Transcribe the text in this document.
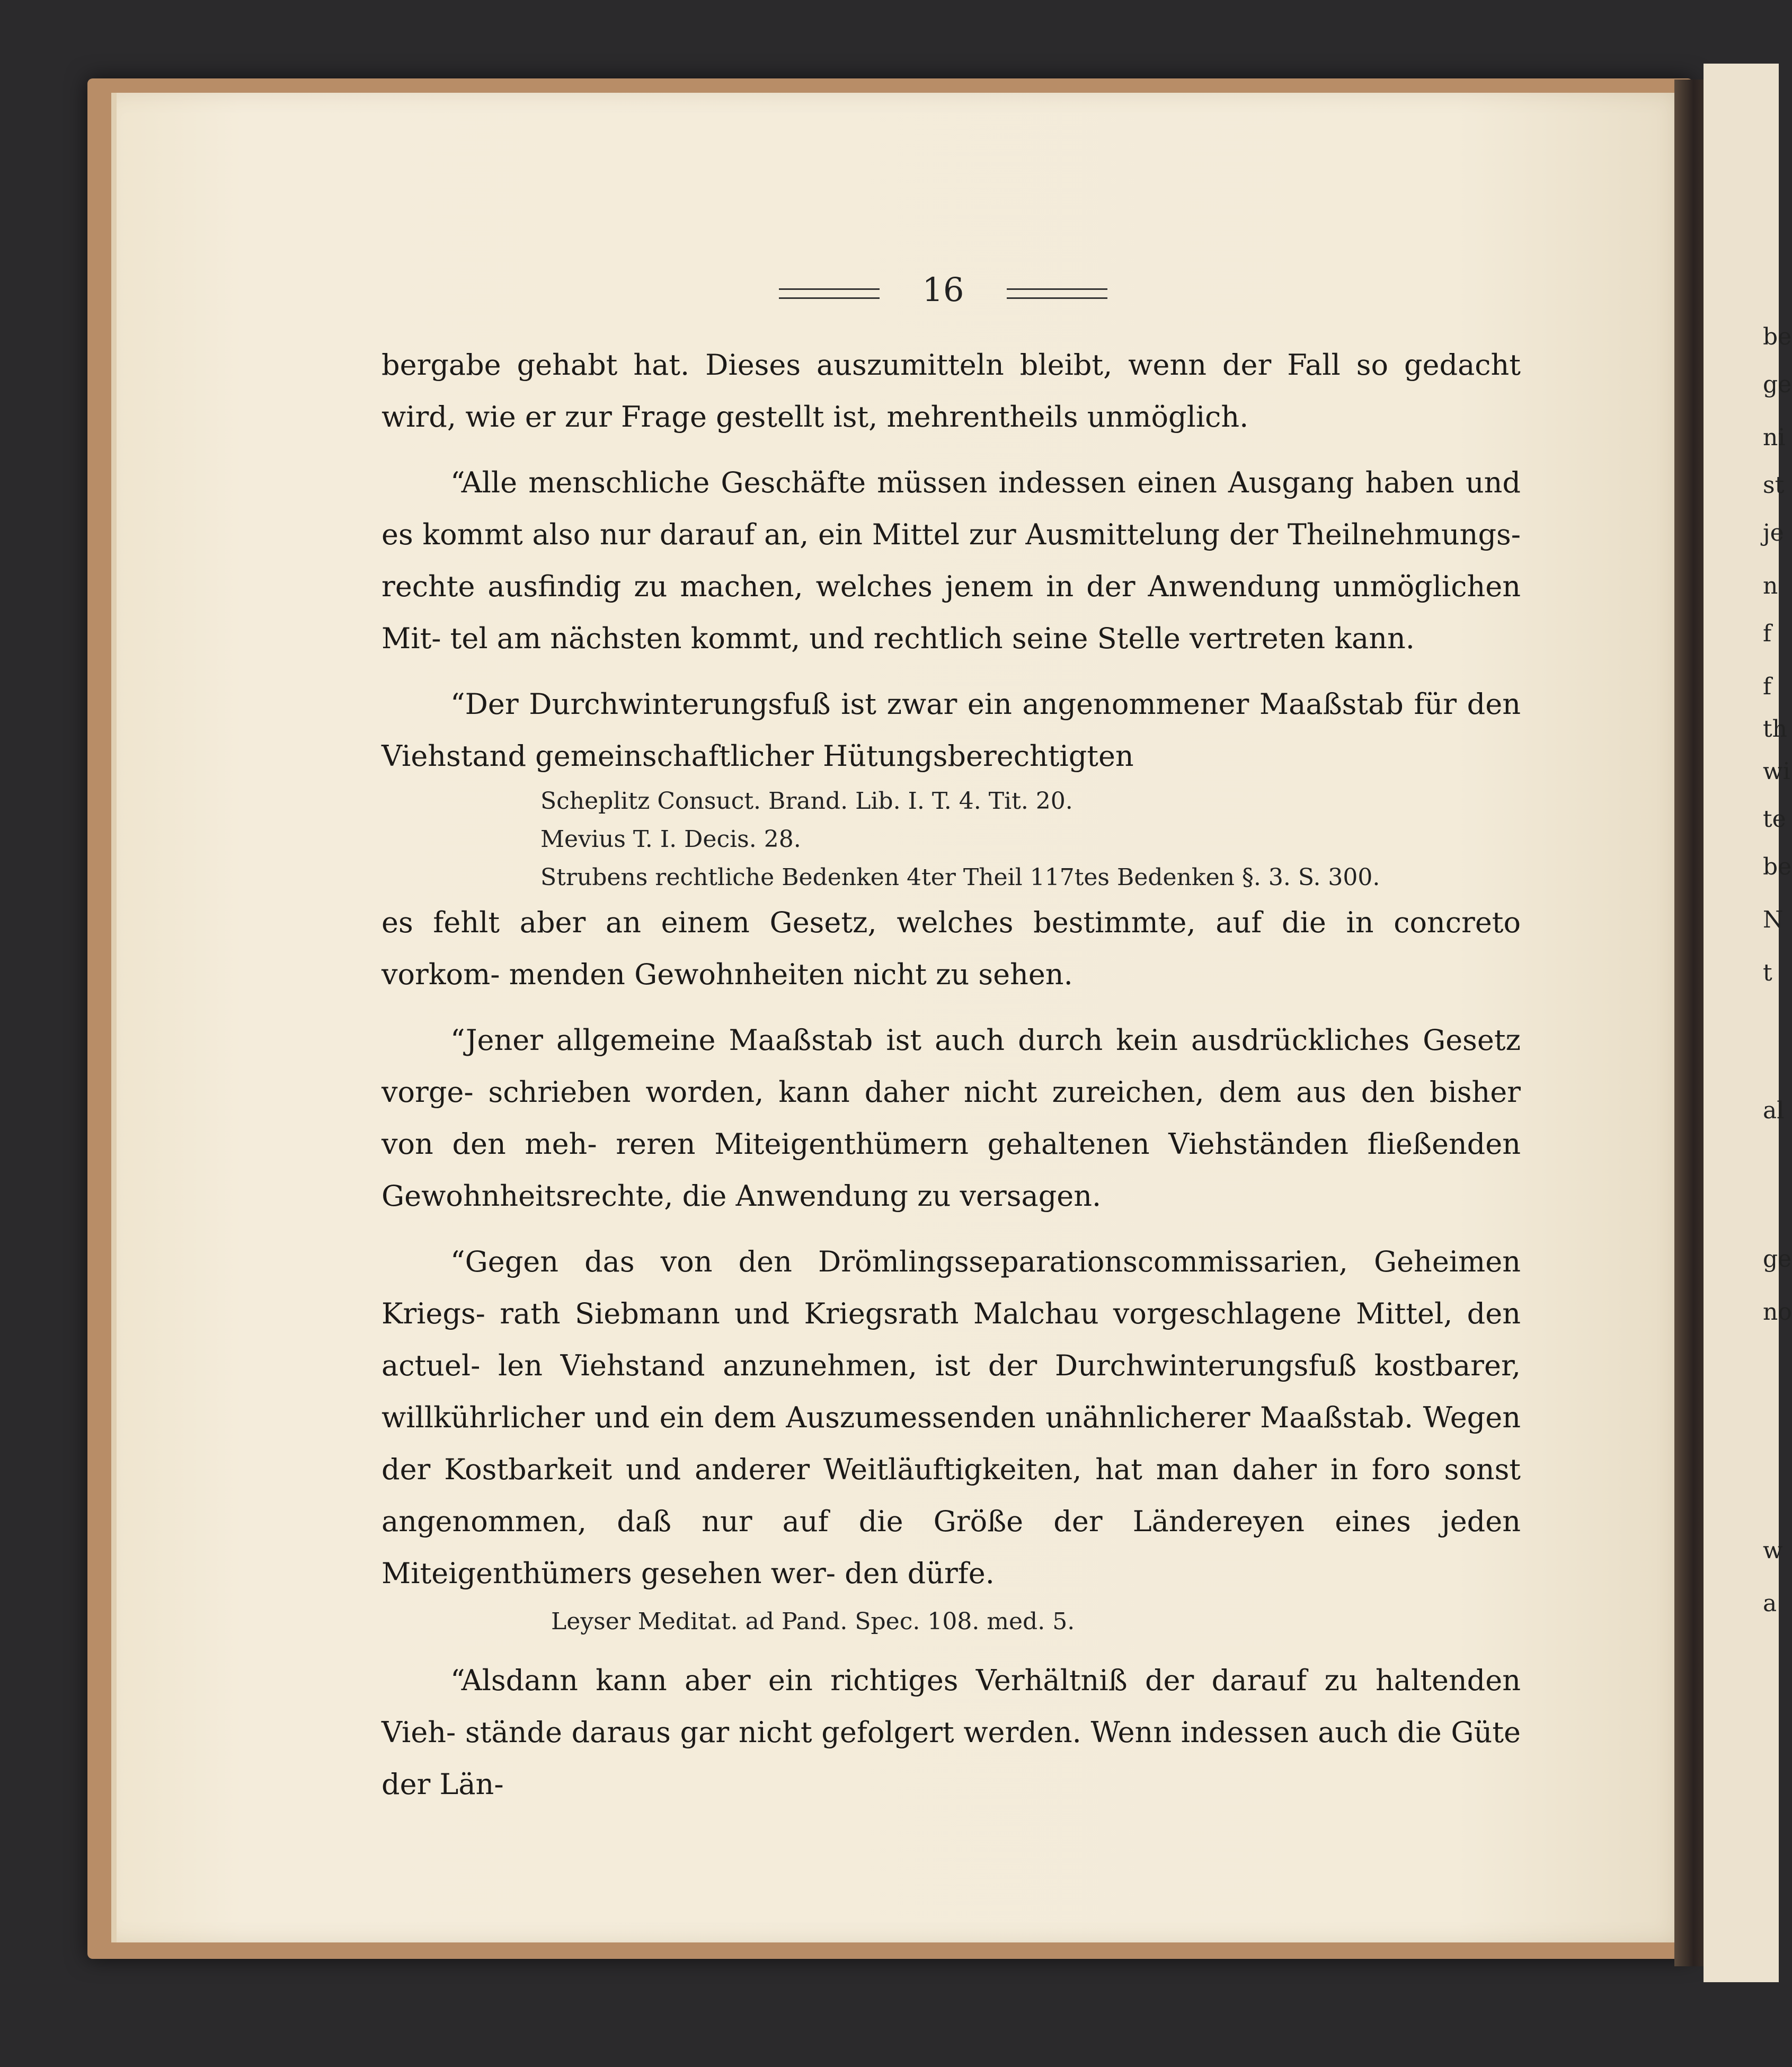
be
ge
ni
st
je
n
f
f
th
wi
te
be
N
t
al
ge
no
w
a
16

bergabe gehabt hat. Dieses auszumitteln bleibt, wenn der Fall so gedacht wird, wie er zur Frage gestellt ist, mehrentheils unmöglich.

“Alle menschliche Geschäfte müssen indessen einen Ausgang haben und es kommt also nur darauf an, ein Mittel zur Ausmittelung der Theilnehmungs- rechte ausfindig zu machen, welches jenem in der Anwendung unmöglichen Mit- tel am nächsten kommt, und rechtlich seine Stelle vertreten kann.

“Der Durchwinterungsfuß ist zwar ein angenommener Maaßstab für den Viehstand gemeinschaftlicher Hütungsberechtigten

Scheplitz Consuct. Brand. Lib. I. T. 4. Tit. 20.

Mevius T. I. Decis. 28.

Strubens rechtliche Bedenken 4ter Theil 117tes Bedenken §. 3. S. 300.

es fehlt aber an einem Gesetz, welches bestimmte, auf die in concreto vorkom- menden Gewohnheiten nicht zu sehen.

“Jener allgemeine Maaßstab ist auch durch kein ausdrückliches Gesetz vorge- schrieben worden, kann daher nicht zureichen, dem aus den bisher von den meh- reren Miteigenthümern gehaltenen Viehständen fließenden Gewohnheitsrechte, die Anwendung zu versagen.

“Gegen das von den Drömlingsseparationscommissarien, Geheimen Kriegs- rath Siebmann und Kriegsrath Malchau vorgeschlagene Mittel, den actuel- len Viehstand anzunehmen, ist der Durchwinterungsfuß kostbarer, willkührlicher und ein dem Auszumessenden unähnlicherer Maaßstab. Wegen der Kostbarkeit und anderer Weitläuftigkeiten, hat man daher in foro sonst angenommen, daß nur auf die Größe der Ländereyen eines jeden Miteigenthümers gesehen wer- den dürfe.

Leyser Meditat. ad Pand. Spec. 108. med. 5.

“Alsdann kann aber ein richtiges Verhältniß der darauf zu haltenden Vieh- stände daraus gar nicht gefolgert werden. Wenn indessen auch die Güte der Län-
